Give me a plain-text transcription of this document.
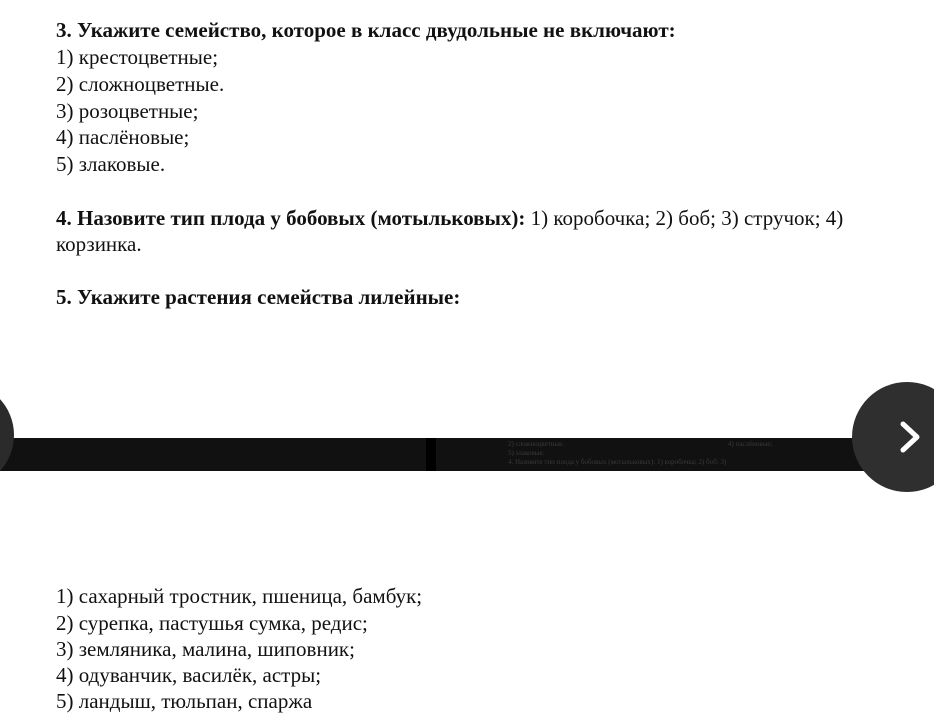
3. Укажите семейство, которое в класс двудольные не включают:
1) крестоцветные;
2) сложноцветные.
3) розоцветные;
4) паслёновые;
5) злаковые.
4. Назовите тип плода у бобовых (мотыльковых): 1) коробочка; 2) боб; 3) стручок; 4)
корзинка.
5. Укажите растения семейства лилейные:
2) сложноцветные.	4) паслёновые;
5) злаковые.
4. Назовите тип плода у бобовых (мотыльковых): 1) коробочка; 2) боб; 3)
1) сахарный тростник, пшеница, бамбук;
2) сурепка, пастушья сумка, редис;
3) земляника, малина, шиповник;
4) одуванчик, василёк, астры;
5) ландыш, тюльпан, спаржа
